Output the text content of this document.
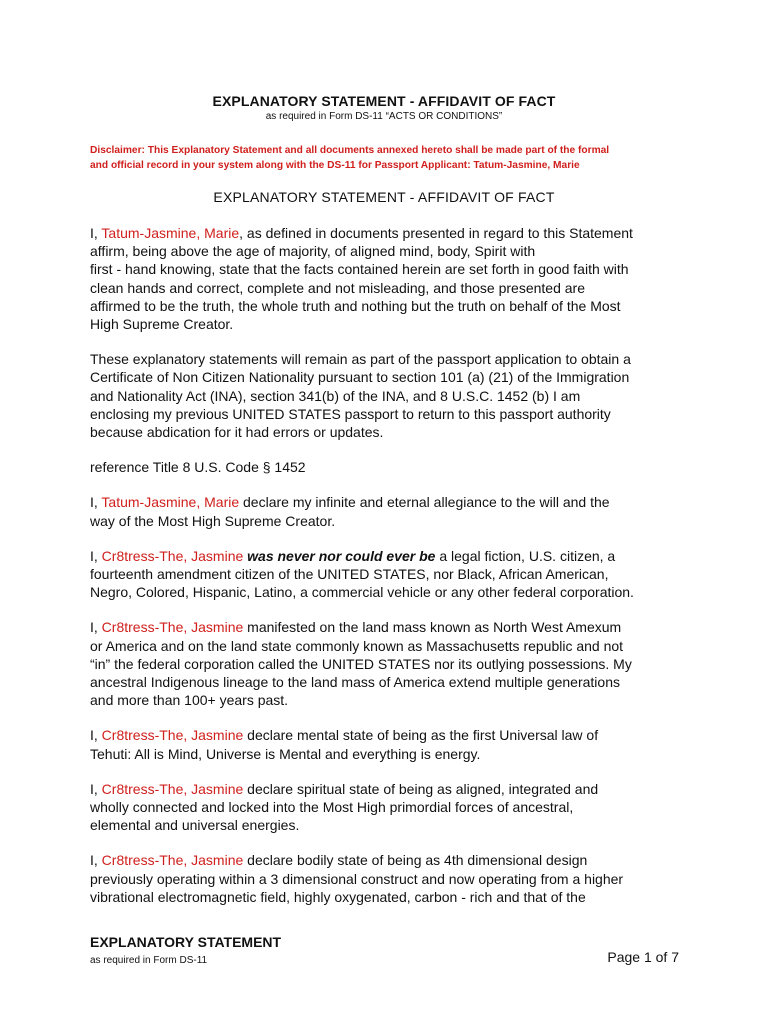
EXPLANATORY STATEMENT - AFFIDAVIT OF FACT
as required in Form DS-11 “ACTS OR CONDITIONS”
Disclaimer: This Explanatory Statement and all documents annexed hereto shall be made part of the formal
and official record in your system along with the DS-11 for Passport Applicant: Tatum-Jasmine, Marie
EXPLANATORY STATEMENT - AFFIDAVIT OF FACT

I, Tatum-Jasmine, Marie, as defined in documents presented in regard to this Statement
affirm, being above the age of majority, of aligned mind, body, Spirit with
first - hand knowing, state that the facts contained herein are set forth in good faith with
clean hands and correct, complete and not misleading, and those presented are
affirmed to be the truth, the whole truth and nothing but the truth on behalf of the Most
High Supreme Creator.

These explanatory statements will remain as part of the passport application to obtain a
Certificate of Non Citizen Nationality pursuant to section 101 (a) (21) of the Immigration
and Nationality Act (INA), section 341(b) of the INA, and 8 U.S.C. 1452 (b) I am
enclosing my previous UNITED STATES passport to return to this passport authority
because abdication for it had errors or updates.

reference Title 8 U.S. Code § 1452

I, Tatum-Jasmine, Marie declare my infinite and eternal allegiance to the will and the
way of the Most High Supreme Creator.

I, Cr8tress-The, Jasmine was never nor could ever be a legal fiction, U.S. citizen, a
fourteenth amendment citizen of the UNITED STATES, nor Black, African American,
Negro, Colored, Hispanic, Latino, a commercial vehicle or any other federal corporation.

I, Cr8tress-The, Jasmine manifested on the land mass known as North West Amexum
or America and on the land state commonly known as Massachusetts republic and not
“in” the federal corporation called the UNITED STATES nor its outlying possessions. My
ancestral Indigenous lineage to the land mass of America extend multiple generations
and more than 100+ years past.

I, Cr8tress-The, Jasmine declare mental state of being as the first Universal law of
Tehuti: All is Mind, Universe is Mental and everything is energy.

I, Cr8tress-The, Jasmine declare spiritual state of being as aligned, integrated and
wholly connected and locked into the Most High primordial forces of ancestral,
elemental and universal energies.

I, Cr8tress-The, Jasmine declare bodily state of being as 4th dimensional design
previously operating within a 3 dimensional construct and now operating from a higher
vibrational electromagnetic field, highly oxygenated, carbon - rich and that of the

EXPLANATORY STATEMENT
as required in Form DS-11	Page 1 of 7
